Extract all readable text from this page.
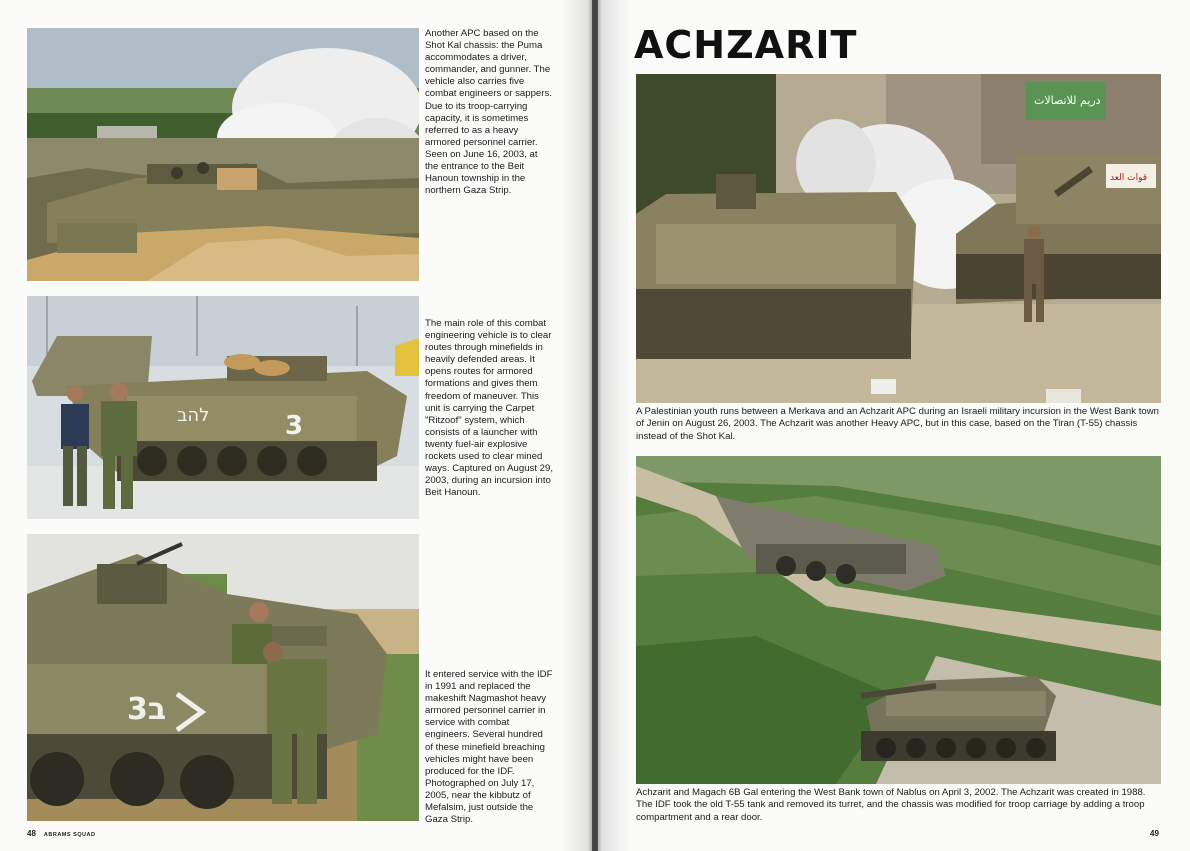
Another APC based on the Shot Kal chassis: the Puma accommodates a driver, commander, and gunner. The vehicle also carries five combat engineers or sappers. Due to its troop-carrying capacity, it is sometimes referred to as a heavy armored personnel carrier. Seen on June 16, 2003, at the entrance to the Beit Hanoun township in the northern Gaza Strip.
להב	3
The main role of this combat engineering vehicle is to clear routes through minefields in heavily defended areas. It opens routes for armored formations and gives them freedom of maneuver. This unit is carrying the Carpet "Ritzoof" system, which consists of a launcher with twenty fuel-air explosive rockets used to clear mined ways. Captured on August 29, 2003, during an incursion into Beit Hanoun.
3ב
It entered service with the IDF in 1991 and replaced the makeshift Nagmashot heavy armored personnel carrier in service with combat engineers. Several hundred of these minefield breaching vehicles might have been produced for the IDF. Photographed on July 17, 2005, near the kibbutz of Mefalsim, just outside the Gaza Strip.
48 ABRAMS SQUAD
ACHZARIT
دريم للاتصالات
قوات العد
A Palestinian youth runs between a Merkava and an Achzarit APC during an Israeli military incursion in the West Bank town of Jenin on August 26, 2003. The Achzarit was another Heavy APC, but in this case, based on the Tiran (T-55) chassis instead of the Shot Kal.
Achzarit and Magach 6B Gal entering the West Bank town of Nablus on April 3, 2002. The Achzarit was created in 1988. The IDF took the old T-55 tank and removed its turret, and the chassis was modified for troop carriage by adding a troop compartment and a rear door.
49
